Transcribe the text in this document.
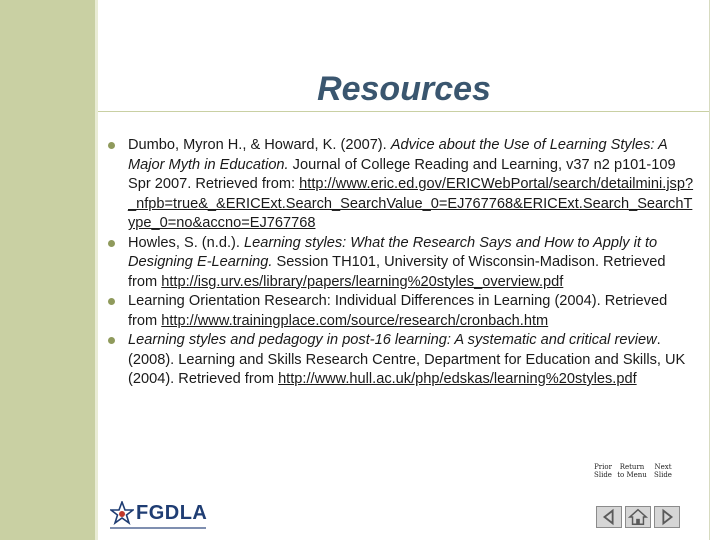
Resources
Dumbo, Myron H., & Howard, K. (2007). Advice about the Use of Learning Styles: A Major Myth in Education. Journal of College Reading and Learning, v37 n2 p101-109 Spr 2007. Retrieved from: http://www.eric.ed.gov/ERICWebPortal/search/detailmini.jsp?_nfpb=true&_&ERICExt.Search_SearchValue_0=EJ767768&ERICExt.Search_SearchType_0=no&accno=EJ767768
Howles, S. (n.d.). Learning styles: What the Research Says and How to Apply it to Designing E-Learning. Session TH101, University of Wisconsin-Madison. Retrieved from http://isg.urv.es/library/papers/learning%20styles_overview.pdf
Learning Orientation Research: Individual Differences in Learning (2004). Retrieved from http://www.trainingplace.com/source/research/cronbach.htm
Learning styles and pedagogy in post-16 learning: A systematic and critical review. (2008). Learning and Skills Research Centre, Department for Education and Skills, UK (2004). Retrieved from http://www.hull.ac.uk/php/edskas/learning%20styles.pdf
Prior Slide
Return to Menu
Next Slide
FGDLA
